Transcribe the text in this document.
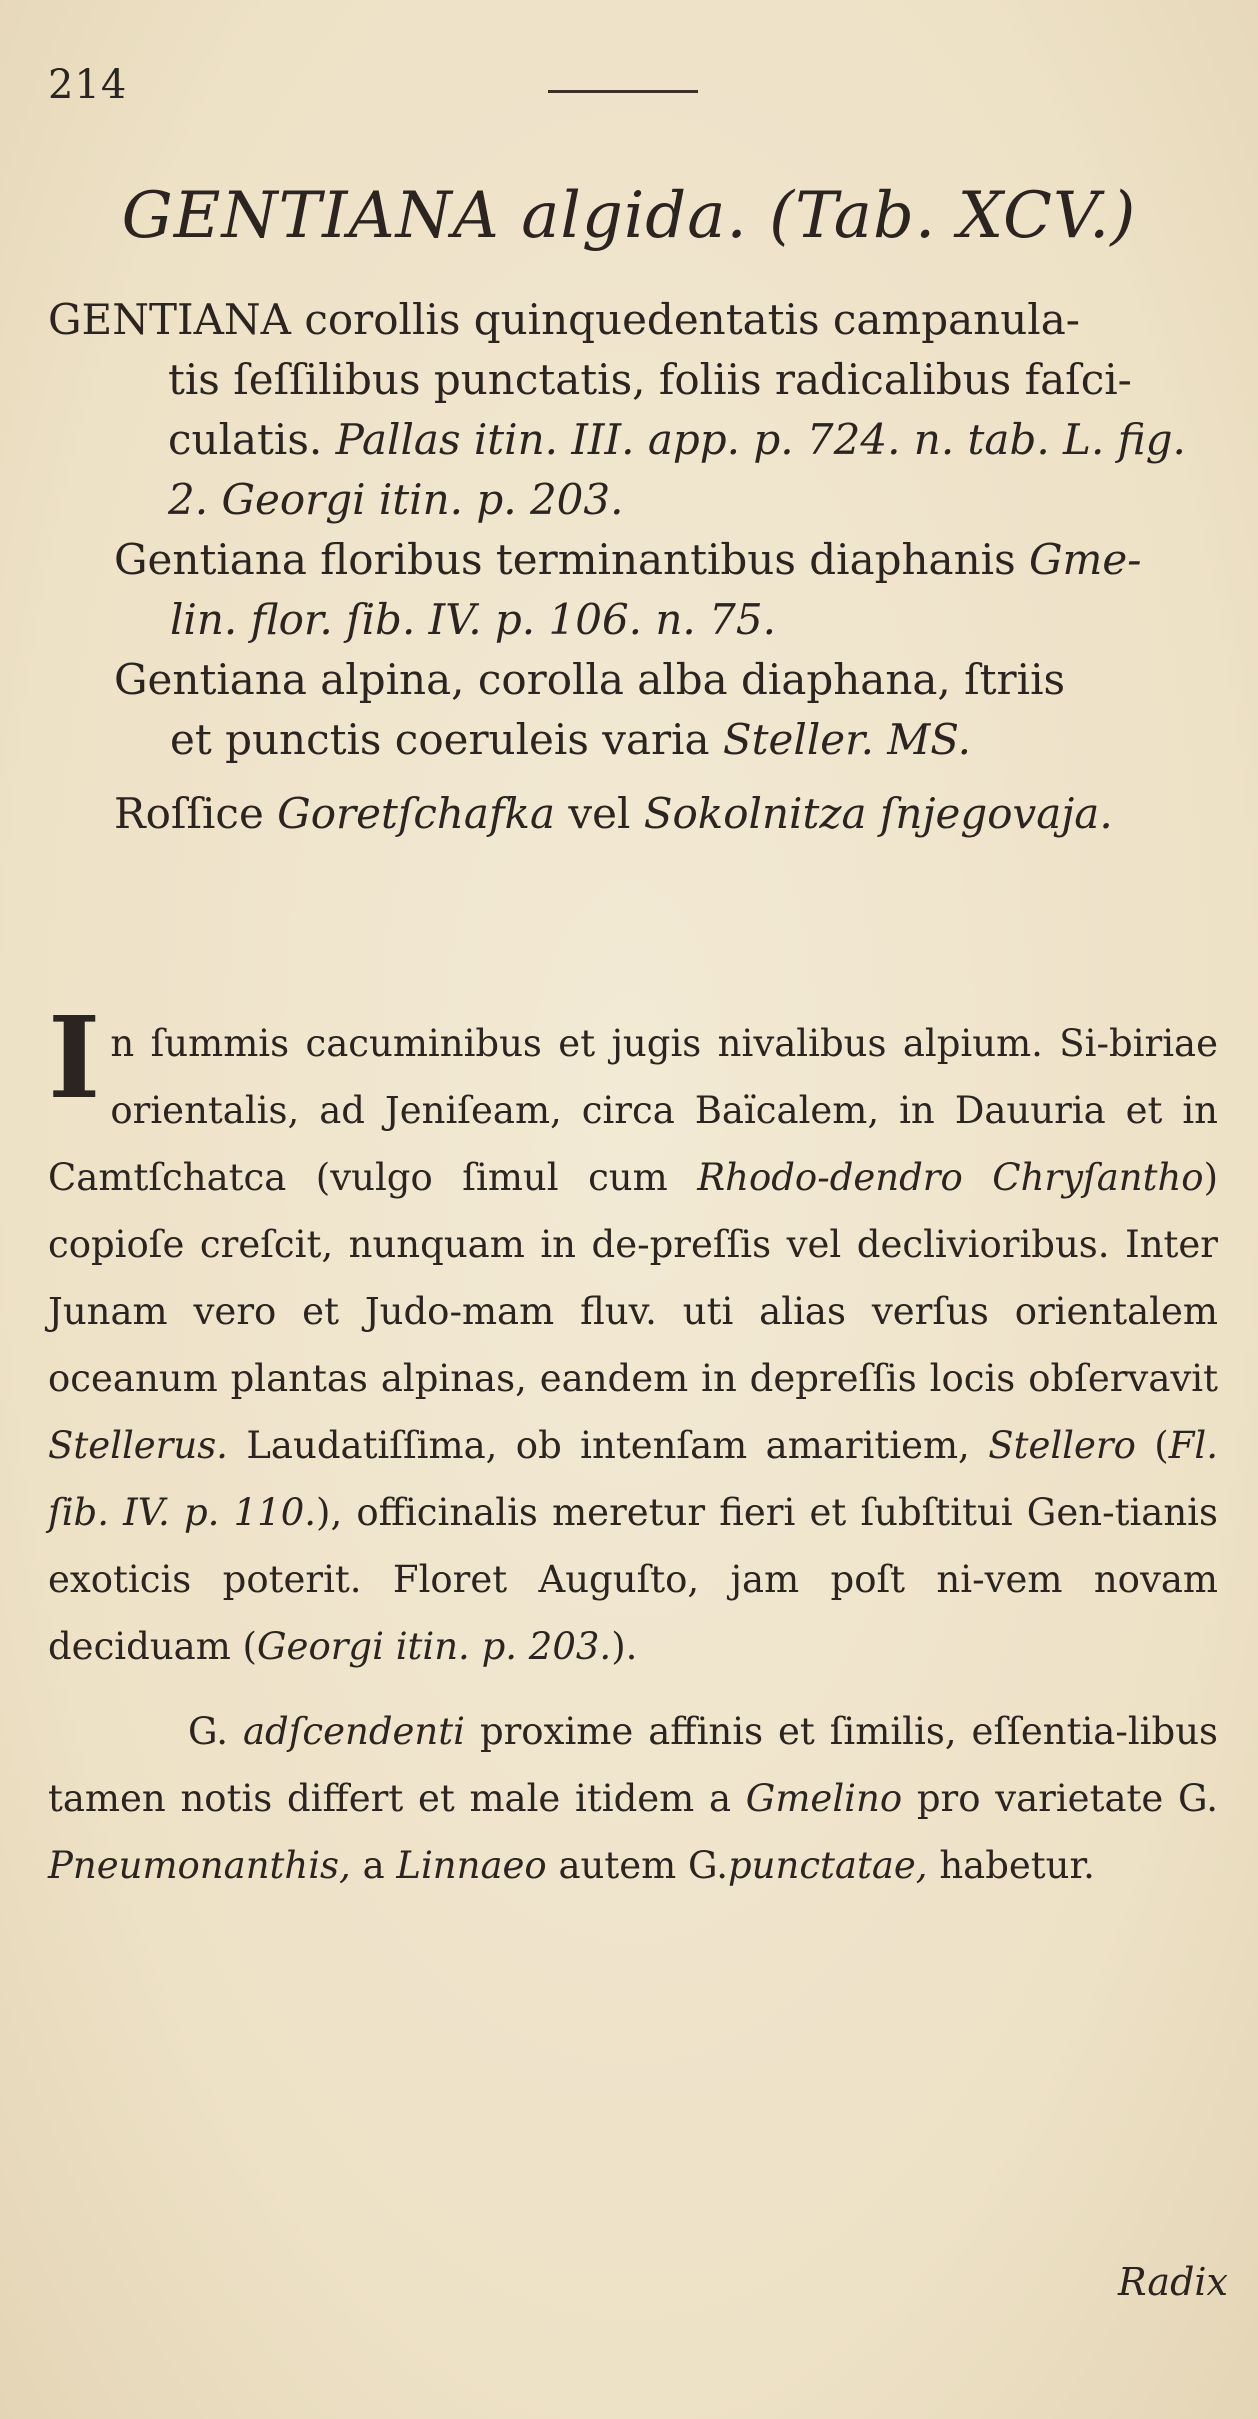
214
GENTIANA algida. (Tab. XCV.)
GENTIANA corollis quinquedentatis campanula-
tis ſeſſilibus punctatis, foliis radicalibus faſci- culatis. Pallas itin. III. app. p. 724. n. tab. L. fig. 2. Georgi itin. p. 203.
Gentiana floribus terminantibus diaphanis Gme-
lin. flor. ſib. IV. p. 106. n. 75.
Gentiana alpina, corolla alba diaphana, ſtriis
et punctis coeruleis varia Steller. MS.
Roſſice Goretſchafka vel Sokolnitza ſnjegovaja.

In ſummis cacuminibus et jugis nivalibus alpium. Si-biriae orientalis, ad Jeniſeam, circa Baïcalem, in Dauuria et in Camtſchatca (vulgo ſimul cum Rhodo-dendro Chryſantho) copioſe creſcit, nunquam in de-preſſis vel declivioribus. Inter Junam vero et Judo-mam fluv. uti alias verſus orientalem oceanum plantas alpinas, eandem in depreſſis locis obſervavit Stellerus. Laudatiſſima, ob intenſam amaritiem, Stellero (Fl. ſib. IV. p. 110.), officinalis meretur fieri et ſubſtitui Gen-tianis exoticis poterit. Floret Auguſto, jam poſt ni-vem novam deciduam (Georgi itin. p. 203.).

G. adſcendenti proxime affinis et ſimilis, eſſentia-libus tamen notis differt et male itidem a Gmelino pro varietate G. Pneumonanthis, a Linnaeo autem G.punctatae, habetur.

Radix
